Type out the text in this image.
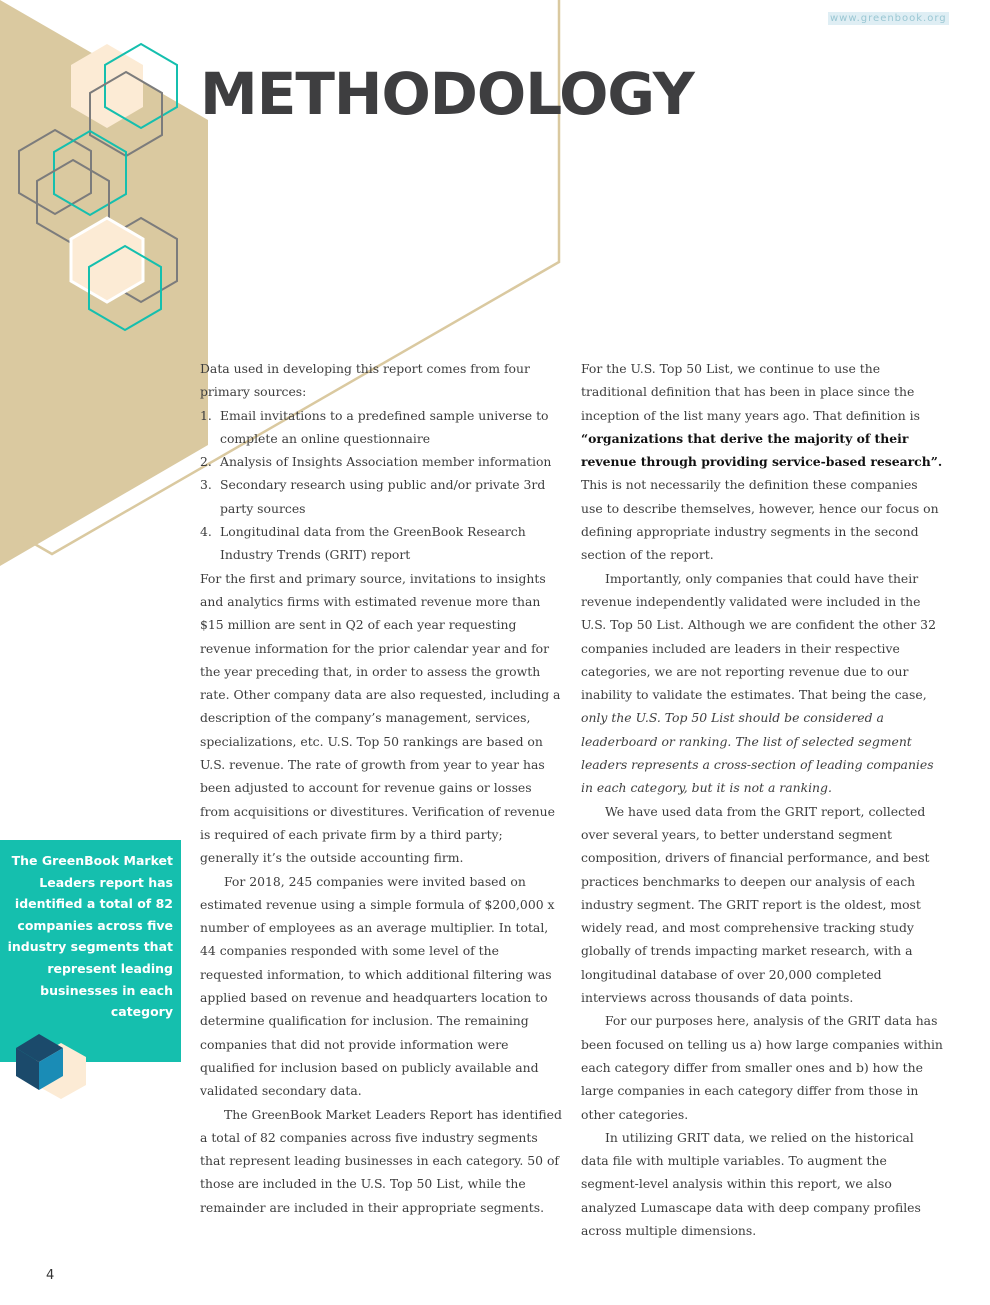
www.greenbook.org
METHODOLOGY

Data used in developing this report comes from four primary sources:

1. Email invitations to a predefined sample universe to complete an online questionnaire
2. Analysis of Insights Association member information
3. Secondary research using public and/or private 3rd party sources
4. Longitudinal data from the GreenBook Research Industry Trends (GRIT) report

For the first and primary source, invitations to insights and analytics firms with estimated revenue more than $15 million are sent in Q2 of each year requesting revenue information for the prior calendar year and for the year preceding that, in order to assess the growth rate. Other company data are also requested, including a description of the company’s management, services, specializations, etc. U.S. Top 50 rankings are based on U.S. revenue. The rate of growth from year to year has been adjusted to account for revenue gains or losses from acquisitions or divestitures. Verification of revenue is required of each private firm by a third party; generally it’s the outside accounting firm.

For 2018, 245 companies were invited based on estimated revenue using a simple formula of $200,000 x number of employees as an average multiplier. In total, 44 companies responded with some level of the requested information, to which additional filtering was applied based on revenue and headquarters location to determine qualification for inclusion. The remaining companies that did not provide information were qualified for inclusion based on publicly available and validated secondary data.

The GreenBook Market Leaders Report has identified a total of 82 companies across five industry segments that represent leading businesses in each category. 50 of those are included in the U.S. Top 50 List, while the remainder are included in their appropriate segments.

For the U.S. Top 50 List, we continue to use the traditional definition that has been in place since the inception of the list many years ago. That definition is “organizations that derive the majority of their revenue through providing service-based research”. This is not necessarily the definition these companies use to describe themselves, however, hence our focus on defining appropriate industry segments in the second section of the report.

Importantly, only companies that could have their revenue independently validated were included in the U.S. Top 50 List. Although we are confident the other 32 companies included are leaders in their respective categories, we are not reporting revenue due to our inability to validate the estimates. That being the case, only the U.S. Top 50 List should be considered a leaderboard or ranking. The list of selected segment leaders represents a cross-section of leading companies in each category, but it is not a ranking.

We have used data from the GRIT report, collected over several years, to better understand segment composition, drivers of financial performance, and best practices benchmarks to deepen our analysis of each industry segment. The GRIT report is the oldest, most widely read, and most comprehensive tracking study globally of trends impacting market research, with a longitudinal database of over 20,000 completed interviews across thousands of data points.

For our purposes here, analysis of the GRIT data has been focused on telling us a) how large companies within each category differ from smaller ones and b) how the large companies in each category differ from those in other categories.

In utilizing GRIT data, we relied on the historical data file with multiple variables. To augment the segment-level analysis within this report, we also analyzed Lumascape data with deep company profiles across multiple dimensions.

The GreenBook Market Leaders report has identified a total of 82 companies across five industry segments that represent leading businesses in each category
4
